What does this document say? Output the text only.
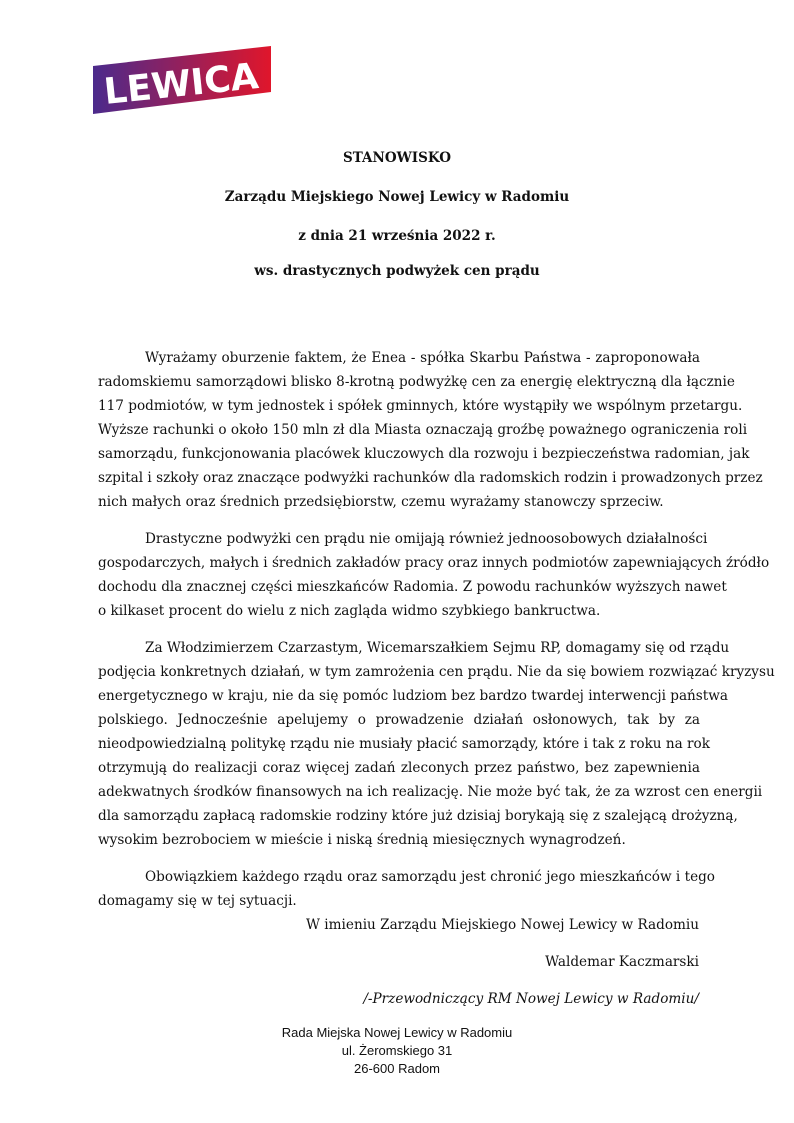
LEWICA
STANOWISKO
Zarządu Miejskiego Nowej Lewicy w Radomiu
z dnia 21 września 2022 r.
ws. drastycznych podwyżek cen prądu
Wyrażamy oburzenie faktem, że Enea - spółka Skarbu Państwa - zaproponowała
radomskiemu samorządowi blisko 8-krotną podwyżkę cen za energię elektryczną dla łącznie
117 podmiotów, w tym jednostek i spółek gminnych, które wystąpiły we wspólnym przetargu.
Wyższe rachunki o około 150 mln zł dla Miasta oznaczają groźbę poważnego ograniczenia roli
samorządu, funkcjonowania placówek kluczowych dla rozwoju i bezpieczeństwa radomian, jak
szpital i szkoły oraz znaczące podwyżki rachunków dla radomskich rodzin i prowadzonych przez
nich małych oraz średnich przedsiębiorstw, czemu wyrażamy stanowczy sprzeciw.
Drastyczne podwyżki cen prądu nie omijają również jednoosobowych działalności
gospodarczych, małych i średnich zakładów pracy oraz innych podmiotów zapewniających źródło
dochodu dla znacznej części mieszkańców Radomia. Z powodu rachunków wyższych nawet
o kilkaset procent do wielu z nich zagląda widmo szybkiego bankructwa.
Za Włodzimierzem Czarzastym, Wicemarszałkiem Sejmu RP, domagamy się od rządu
podjęcia konkretnych działań, w tym zamrożenia cen prądu. Nie da się bowiem rozwiązać kryzysu
energetycznego w kraju, nie da się pomóc ludziom bez bardzo twardej interwencji państwa
polskiego. Jednocześnie apelujemy o prowadzenie działań osłonowych, tak by za
nieodpowiedzialną politykę rządu nie musiały płacić samorządy, które i tak z roku na rok
otrzymują do realizacji coraz więcej zadań zleconych przez państwo, bez zapewnienia
adekwatnych środków finansowych na ich realizację. Nie może być tak, że za wzrost cen energii
dla samorządu zapłacą radomskie rodziny które już dzisiaj borykają się z szalejącą drożyzną,
wysokim bezrobociem w mieście i niską średnią miesięcznych wynagrodzeń.
Obowiązkiem każdego rządu oraz samorządu jest chronić jego mieszkańców i tego
domagamy się w tej sytuacji.
W imieniu Zarządu Miejskiego Nowej Lewicy w Radomiu
Waldemar Kaczmarski
/-Przewodniczący RM Nowej Lewicy w Radomiu/
Rada Miejska Nowej Lewicy w Radomiu
ul. Żeromskiego 31
26-600 Radom
